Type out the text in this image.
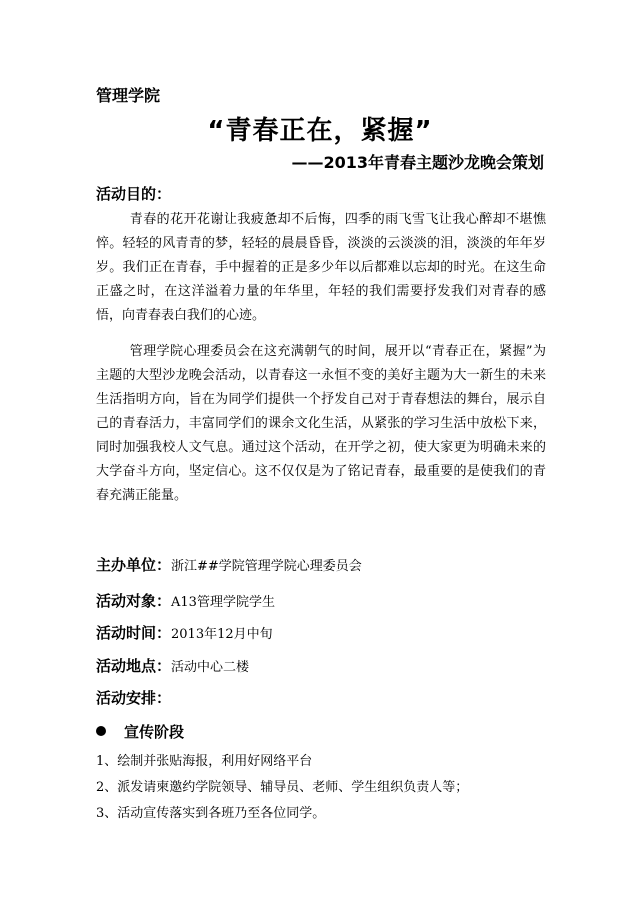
管理学院
“青春正在，紧握”
——2013年青春主题沙龙晚会策划
活动目的：
青春的花开花谢让我疲惫却不后悔，四季的雨飞雪飞让我心醉却不堪憔悴。轻轻的风青青的梦，轻轻的晨晨昏昏，淡淡的云淡淡的泪，淡淡的年年岁岁。我们正在青春，手中握着的正是多少年以后都难以忘却的时光。在这生命正盛之时，在这洋溢着力量的年华里，年轻的我们需要抒发我们对青春的感悟，向青春表白我们的心迹。
管理学院心理委员会在这充满朝气的时间，展开以“青春正在，紧握”为主题的大型沙龙晚会活动，以青春这一永恒不变的美好主题为大一新生的未来生活指明方向，旨在为同学们提供一个抒发自己对于青春想法的舞台，展示自己的青春活力，丰富同学们的课余文化生活，从紧张的学习生活中放松下来，同时加强我校人文气息。通过这个活动，在开学之初，使大家更为明确未来的大学奋斗方向，坚定信心。这不仅仅是为了铭记青春，最重要的是使我们的青春充满正能量。
主办单位：浙江##学院管理学院心理委员会
活动对象：A13管理学院学生
活动时间：2013年12月中旬
活动地点：活动中心二楼
活动安排：
宣传阶段
1、绘制并张贴海报，利用好网络平台
2、派发请柬邀约学院领导、辅导员、老师、学生组织负责人等；
3、活动宣传落实到各班乃至各位同学。
